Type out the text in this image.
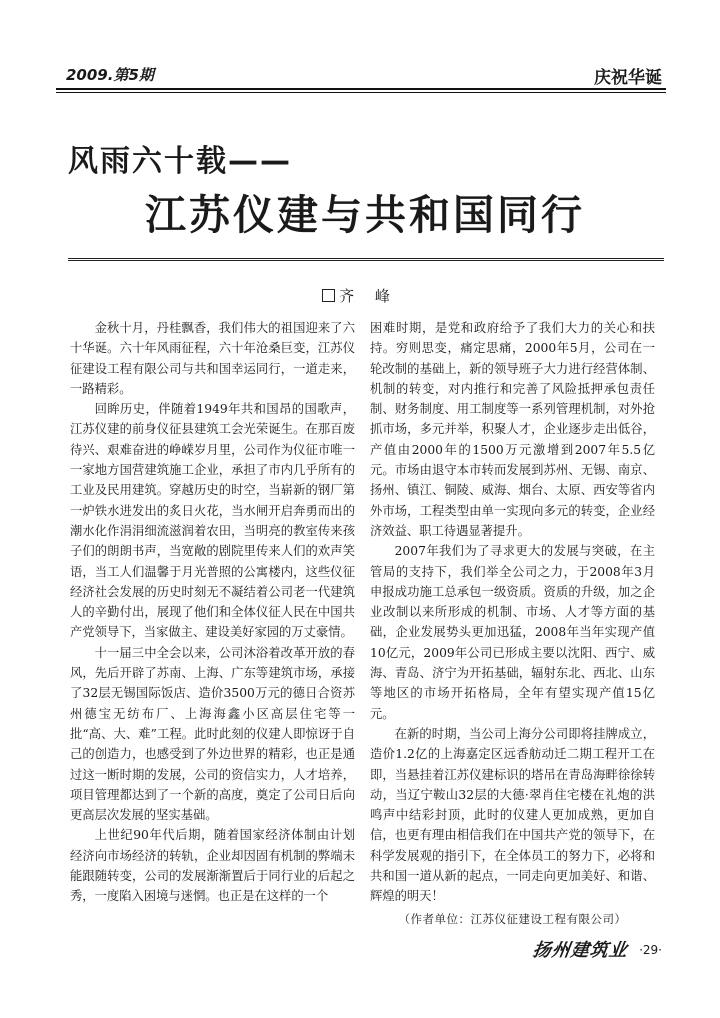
2009.第5期	庆祝华诞
风雨六十载——
江苏仪建与共和国同行
齐 峰

金秋十月，丹桂飘香，我们伟大的祖国迎来了六十华诞。六十年风雨征程，六十年沧桑巨变，江苏仪征建设工程有限公司与共和国幸运同行，一道走来，一路精彩。

回眸历史，伴随着1949年共和国昂的国歌声，江苏仪建的前身仪征县建筑工会光荣诞生。在那百废待兴、艰难奋进的峥嵘岁月里，公司作为仪征市唯一一家地方国营建筑施工企业，承担了市内几乎所有的工业及民用建筑。穿越历史的时空，当崭新的钢厂第一炉铁水进发出的炙日火花，当水闸开启奔勇而出的潮水化作涓涓细流滋润着农田，当明亮的教室传来孩子们的朗朗书声，当宽敞的剧院里传来人们的欢声笑语，当工人们温馨于月光普照的公寓楼内，这些仪征经济社会发展的历史时刻无不凝结着公司老一代建筑人的辛勤付出，展现了他们和全体仪征人民在中国共产党领导下，当家做主、建设美好家园的万丈豪情。

十一届三中全会以来，公司沐浴着改革开放的春风，先后开辟了苏南、上海、广东等建筑市场，承接了32层无锡国际饭店、造价3500万元的德日合资苏州德宝无纺布厂、上海海鑫小区高层住宅等一批“高、大、难”工程。此时此刻的仪建人即惊讶于自己的创造力，也感受到了外边世界的精彩，也正是通过这一断时期的发展，公司的资信实力，人才培养，项目管理都达到了一个新的高度，奠定了公司日后向更高层次发展的坚实基础。

上世纪90年代后期，随着国家经济体制由计划经济向市场经济的转轨，企业却因固有机制的弊端未能跟随转变，公司的发展渐渐置后于同行业的后起之秀，一度陷入困境与迷惘。也正是在这样的一个

困难时期，是党和政府给予了我们大力的关心和扶持。穷则思变，痛定思痛，2000年5月，公司在一轮改制的基础上，新的领导班子大力进行经营体制、机制的转变，对内推行和完善了风险抵押承包责任制、财务制度、用工制度等一系列管理机制，对外抢抓市场，多元并举，积聚人才，企业逐步走出低谷，产值由2000年的1500万元激增到2007年5.5亿元。市场由退守本市转而发展到苏州、无锡、南京、扬州、镇江、铜陵、威海、烟台、太原、西安等省内外市场，工程类型由单一实现向多元的转变，企业经济效益、职工待遇显著提升。

2007年我们为了寻求更大的发展与突破，在主管局的支持下，我们举全公司之力，于2008年3月申报成功施工总承包一级资质。资质的升级，加之企业改制以来所形成的机制、市场、人才等方面的基础，企业发展势头更加迅猛，2008年当年实现产值10亿元，2009年公司已形成主要以沈阳、西宁、威海、青岛、济宁为开拓基础，辐射东北、西北、山东等地区的市场开拓格局，全年有望实现产值15亿元。

在新的时期，当公司上海分公司即将挂牌成立，造价1.2亿的上海嘉定区远香舫动迁二期工程开工在即，当悬挂着江苏仪建标识的塔吊在青岛海畔徐徐转动，当辽宁鞍山32层的大德·翠肖住宅楼在礼炮的洪鸣声中结彩封顶，此时的仪建人更加成熟，更加自信，也更有理由相信我们在中国共产党的领导下，在科学发展观的指引下，在全体员工的努力下，必将和共和国一道从新的起点，一同走向更加美好、和谐、辉煌的明天！

（作者单位：江苏仪征建设工程有限公司）

扬州建筑业 ·29·
